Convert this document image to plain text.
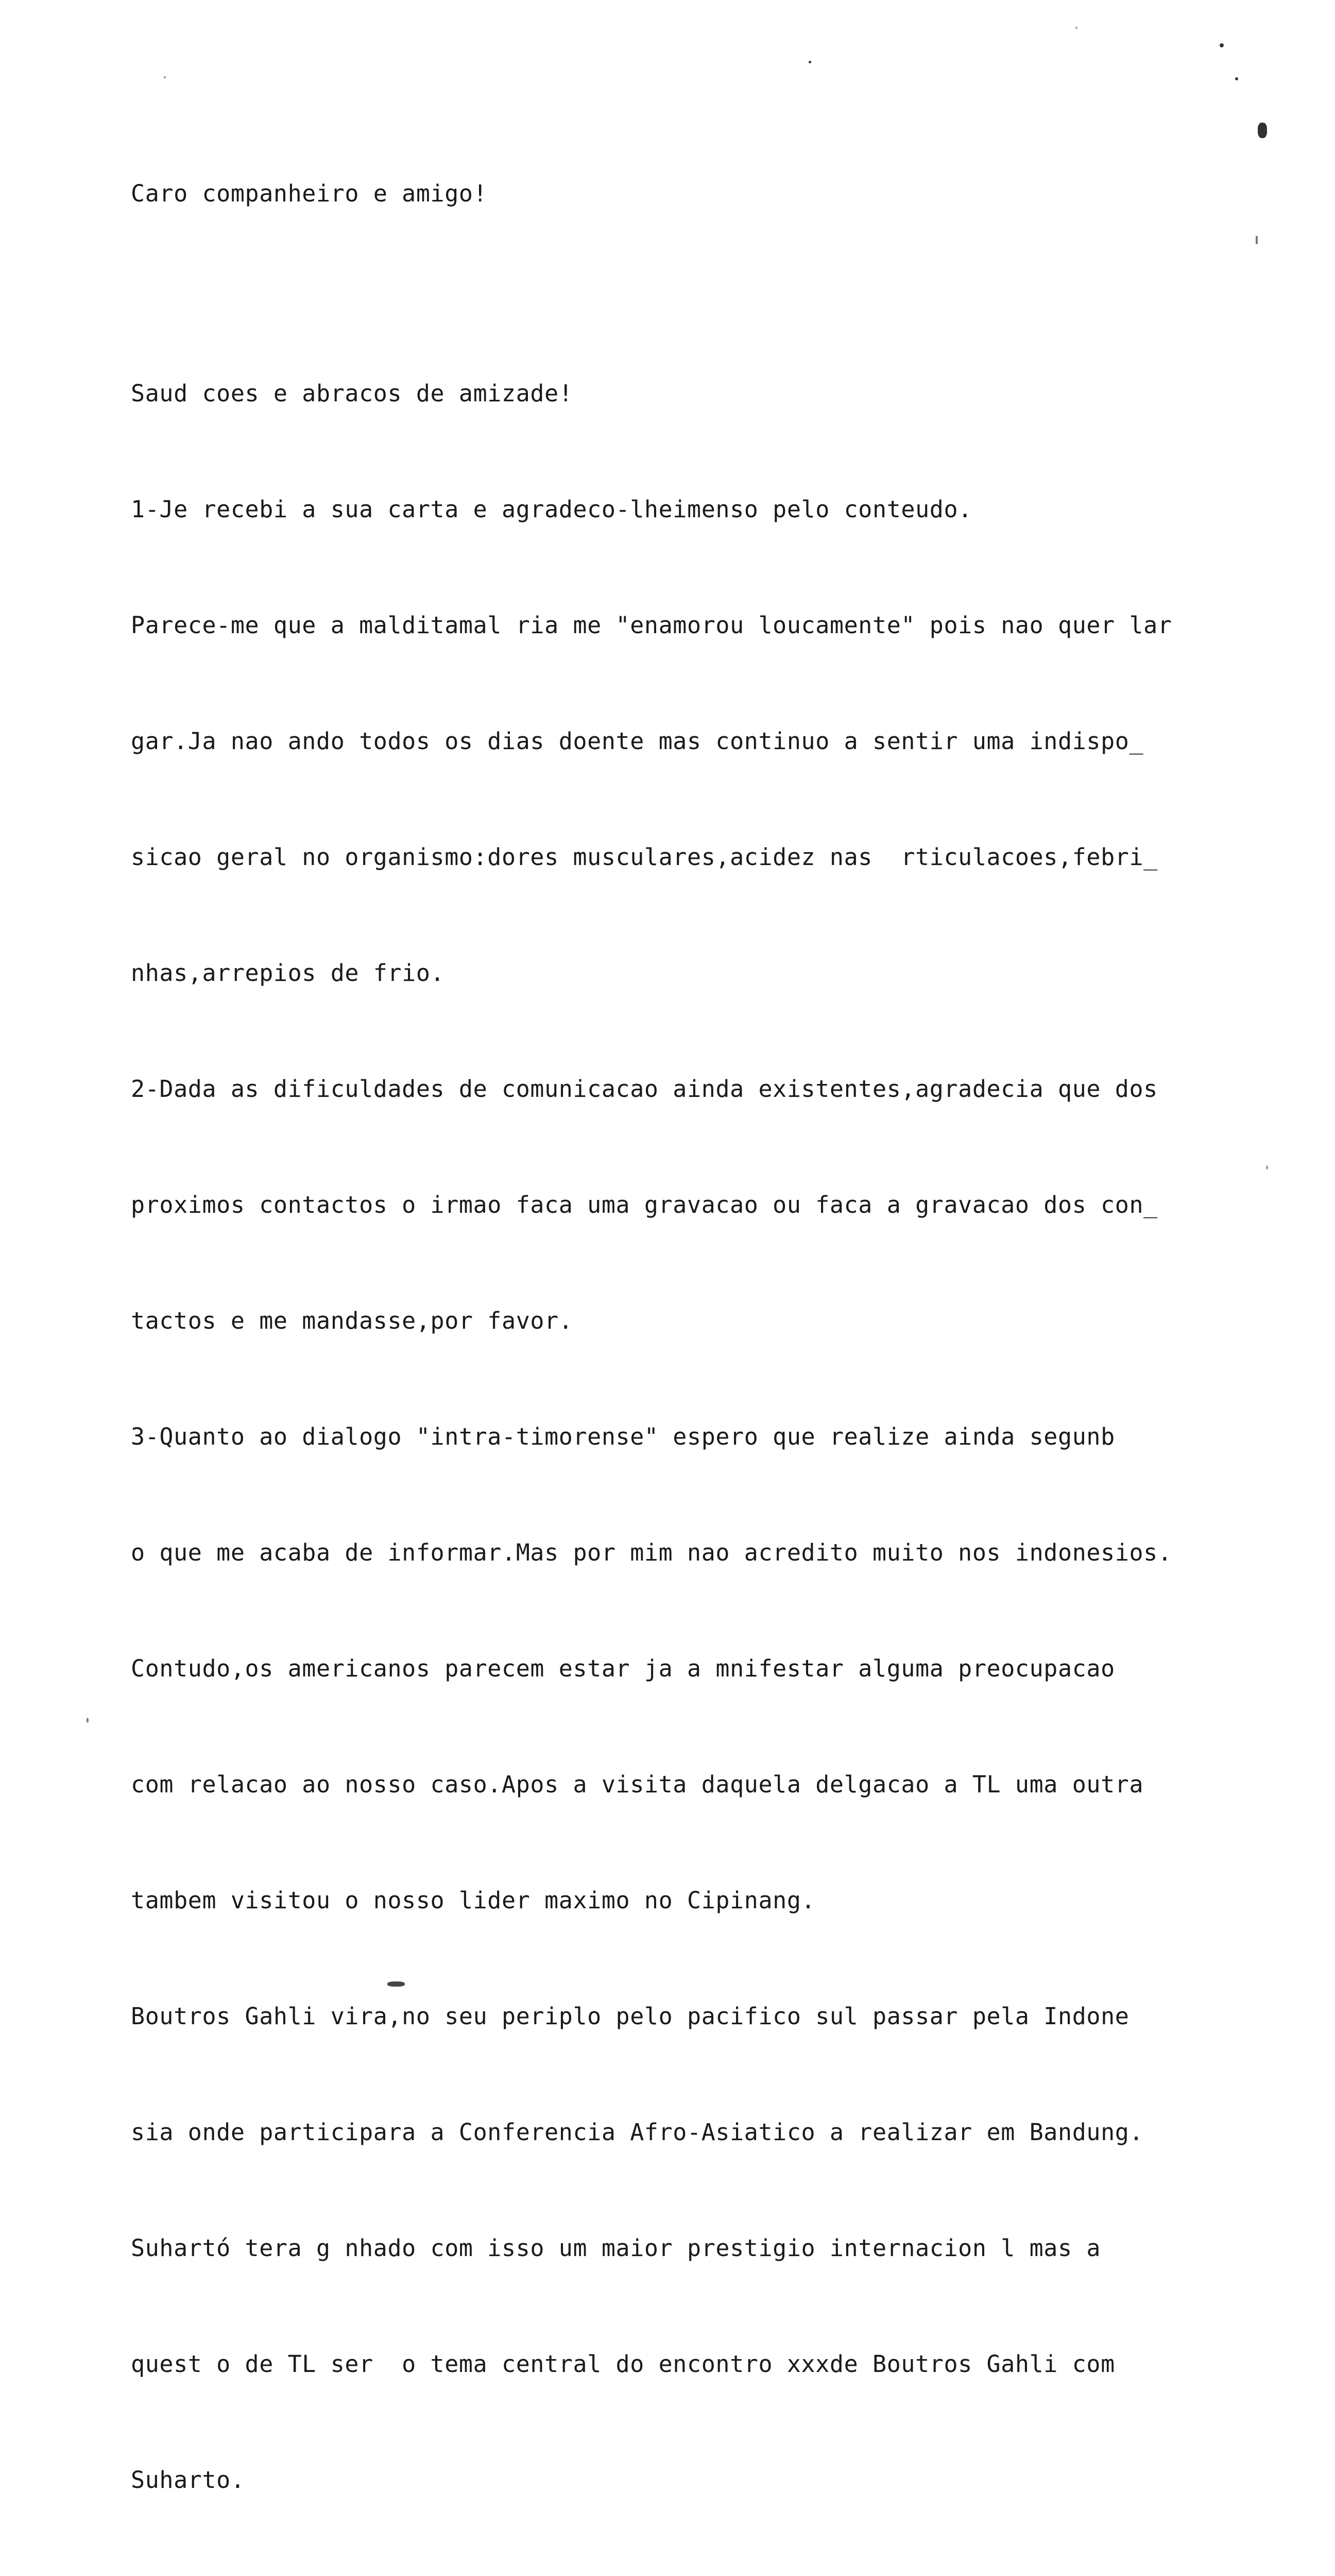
Caro companheiro e amigo!

Saud coes e abracos de amizade!

1-Je recebi a sua carta e agradeco-lheimenso pelo conteudo.

Parece-me que a malditamal ria me "enamorou loucamente" pois nao quer lar

gar.Ja nao ando todos os dias doente mas continuo a sentir uma indispo_

sicao geral no organismo:dores musculares,acidez nas  rticulacoes,febri_

nhas,arrepios de frio.

2-Dada as dificuldades de comunicacao ainda existentes,agradecia que dos

proximos contactos o irmao faca uma gravacao ou faca a gravacao dos con_

tactos e me mandasse,por favor.

3-Quanto ao dialogo "intra-timorense" espero que realize ainda segunb

o que me acaba de informar.Mas por mim nao acredito muito nos indonesios.

Contudo,os americanos parecem estar ja a mnifestar alguma preocupacao

com relacao ao nosso caso.Apos a visita daquela delgacao a TL uma outra

tambem visitou o nosso lider maximo no Cipinang.

Boutros Gahli vira,no seu periplo pelo pacifico sul passar pela Indone

sia onde participara a Conferencia Afro-Asiatico a realizar em Bandung.

Suhartó tera g nhado com isso um maior prestigio internacion l mas a

quest o de TL ser  o tema central do encontro xxxde Boutros Gahli com

Suharto.
